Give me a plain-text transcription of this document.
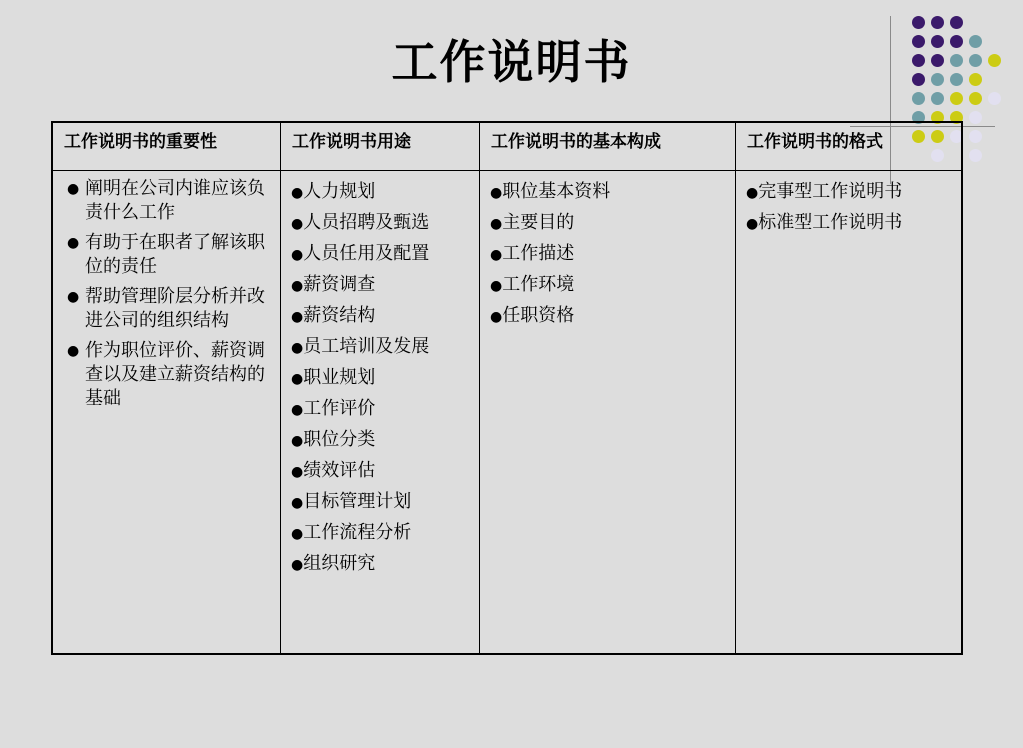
工作说明书
工作说明书的重要性
● 阐明在公司内谁应该负责什么工作
● 有助于在职者了解该职位的责任
● 帮助管理阶层分析并改进公司的组织结构
● 作为职位评价、薪资调查以及建立薪资结构的基础
工作说明书用途
●人力规划
●人员招聘及甄选
●人员任用及配置
●薪资调查
●薪资结构
●员工培训及发展
●职业规划
●工作评价
●职位分类
●绩效评估
●目标管理计划
●工作流程分析
●组织研究
工作说明书的基本构成
●职位基本资料
●主要目的
●工作描述
●工作环境
●任职资格
工作说明书的格式
●完事型工作说明书
●标准型工作说明书
